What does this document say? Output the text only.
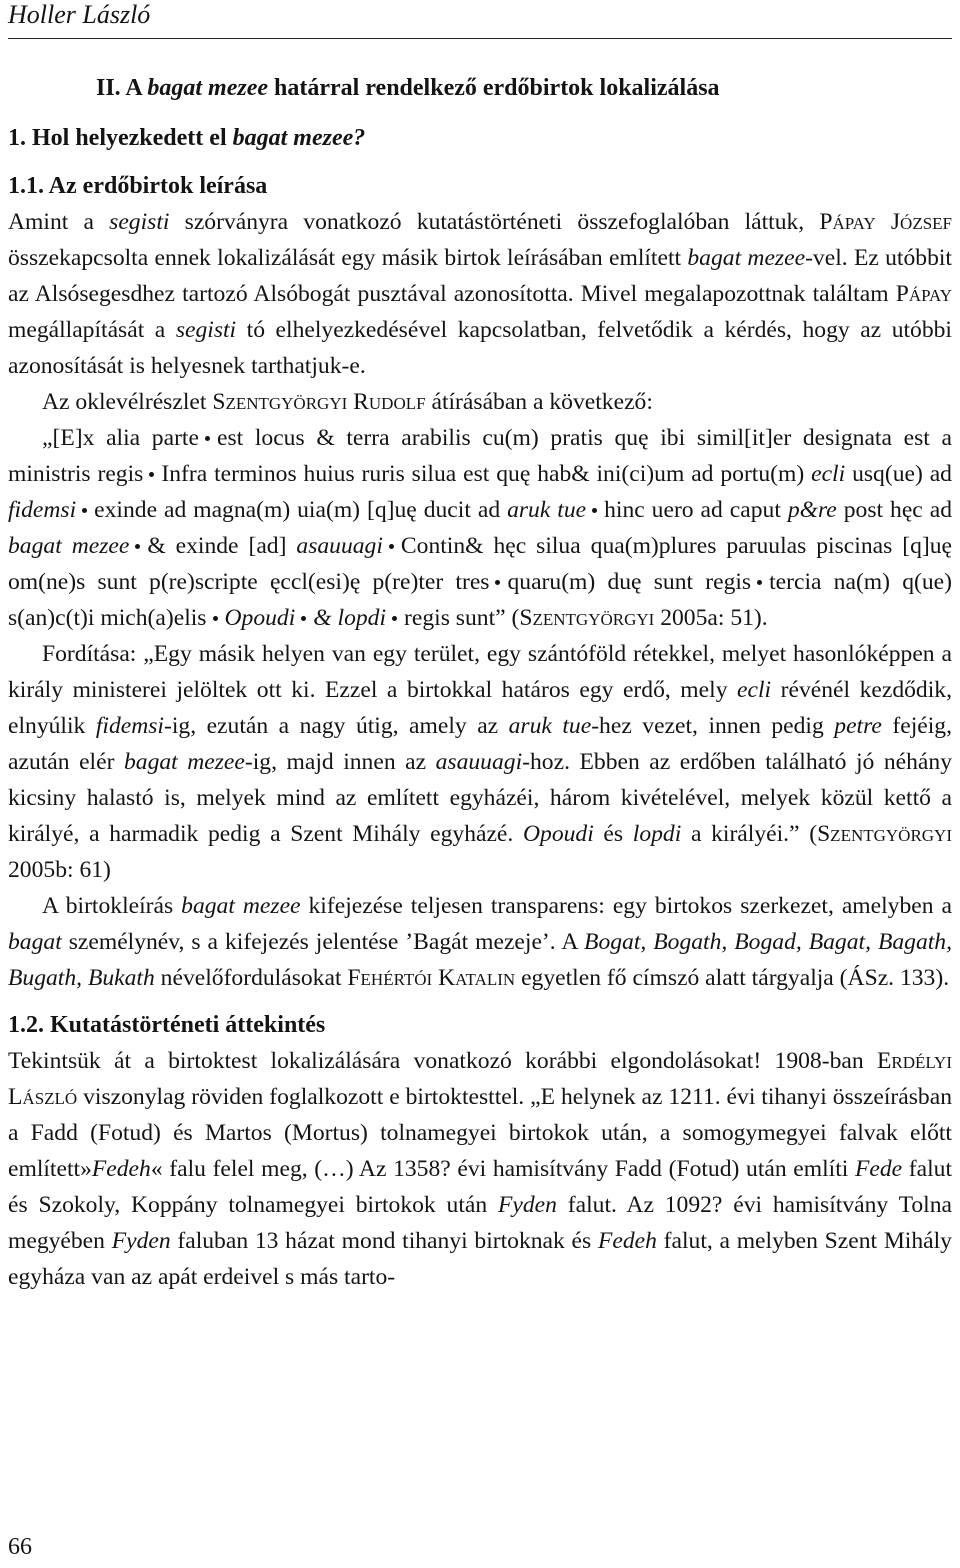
Holler László

II. A bagat mezee határral rendelkező erdőbirtok lokalizálása

1. Hol helyezkedett el bagat mezee?

1.1. Az erdőbirtok leírása

Amint a segisti szórványra vonatkozó kutatástörténeti összefoglalóban láttuk, Pápay József összekapcsolta ennek lokalizálását egy másik birtok leírásában említett bagat mezee-vel. Ez utóbbit az Alsósegesdhez tartozó Alsóbogát pusztával azonosította. Mivel megalapozottnak találtam Pápay megállapítását a segisti tó elhelyezkedésével kapcsolatban, felvetődik a kérdés, hogy az utóbbi azonosítását is helyesnek tarthatjuk-e.

Az oklevélrészlet Szentgyörgyi Rudolf átírásában a következő:

„[E]x alia parte est locus & terra arabilis cu(m) pratis quę ibi simil[it]er designata est a ministris regis Infra terminos huius ruris silua est quę hab& ini(ci)um ad portu(m) ecli usq(ue) ad fidemsi exinde ad magna(m) uia(m) [q]uę ducit ad aruk tue hinc uero ad caput p&re post hęc ad bagat mezee & exinde [ad] asauuagi Contin& hęc silua qua(m)plures paruulas piscinas [q]uę om(ne)s sunt p(re)scripte ęccl(esi)ę p(re)ter tres quaru(m) duę sunt regis tercia na(m) q(ue) s(an)c(t)i mich(a)elis Opoudi & lopdi regis sunt” (Szentgyörgyi 2005a: 51).

Fordítása: „Egy másik helyen van egy terület, egy szántóföld rétekkel, melyet hasonlóképpen a király ministerei jelöltek ott ki. Ezzel a birtokkal határos egy erdő, mely ecli révénél kezdődik, elnyúlik fidemsi-ig, ezután a nagy útig, amely az aruk tue-hez vezet, innen pedig petre fejéig, azután elér bagat mezee-ig, majd innen az asauuagi-hoz. Ebben az erdőben található jó néhány kicsiny halastó is, melyek mind az említett egyházéi, három kivételével, melyek közül kettő a királyé, a harmadik pedig a Szent Mihály egyházé. Opoudi és lopdi a királyéi.” (Szentgyörgyi 2005b: 61)

A birtokleírás bagat mezee kifejezése teljesen transparens: egy birtokos szerkezet, amelyben a bagat személynév, s a kifejezés jelentése ’Bagát mezeje’. A Bogat, Bogath, Bogad, Bagat, Bagath, Bugath, Bukath névelőfordulásokat Fehértói Katalin egyetlen fő címszó alatt tárgyalja (ÁSz. 133).

1.2. Kutatástörténeti áttekintés

Tekintsük át a birtoktest lokalizálására vonatkozó korábbi elgondolásokat! 1908-ban Erdélyi László viszonylag röviden foglalkozott e birtoktesttel. „E helynek az 1211. évi tihanyi összeírásban a Fadd (Fotud) és Martos (Mortus) tolnamegyei birtokok után, a somogymegyei falvak előtt említett»Fedeh« falu felel meg, (…) Az 1358? évi hamisítvány Fadd (Fotud) után említi Fede falut és Szokoly, Koppány tolnamegyei birtokok után Fyden falut. Az 1092? évi hamisítvány Tolna megyében Fyden faluban 13 házat mond tihanyi birtoknak és Fedeh falut, a melyben Szent Mihály egyháza van az apát erdeivel s más tarto-

66
